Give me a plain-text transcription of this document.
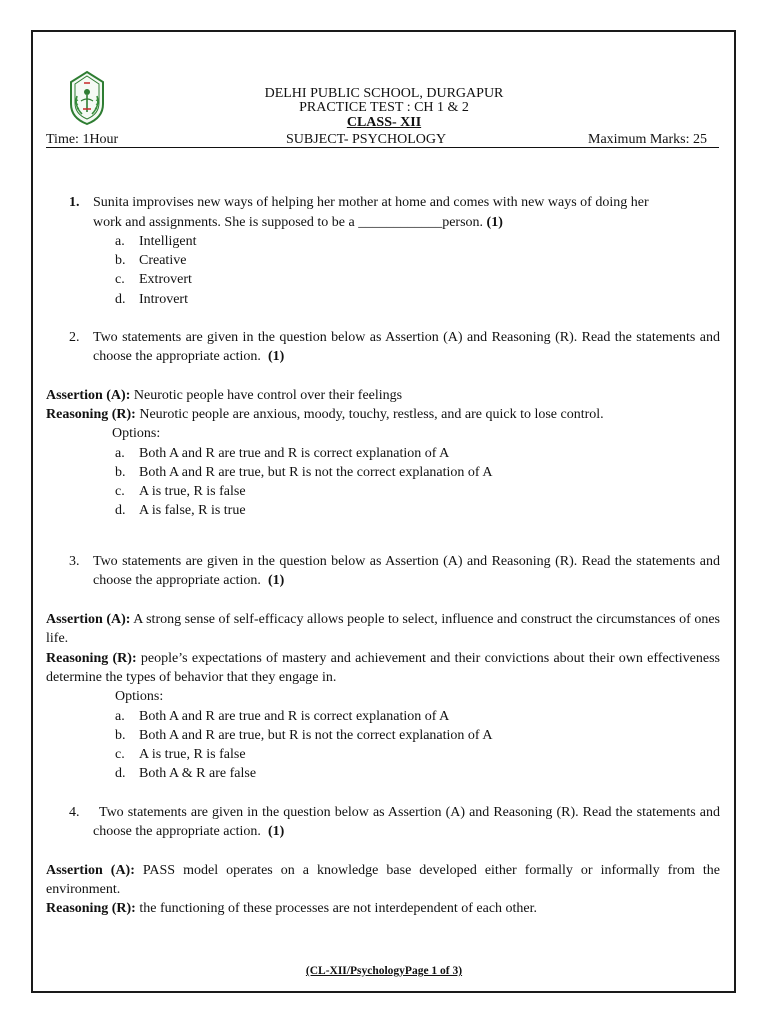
DELHI PUBLIC SCHOOL, DURGAPUR
PRACTICE TEST : CH 1 & 2
CLASS- XII
Time: 1Hour	SUBJECT- PSYCHOLOGY	Maximum Marks: 25
1. Sunita improvises new ways of helping her mother at home and comes with new ways of doing her
work and assignments. She is supposed to be a ____________person. (1)
a. Intelligent
b. Creative
c. Extrovert
d. Introvert
2. Two statements are given in the question below as Assertion (A) and Reasoning (R). Read the statements and choose the appropriate action. (1)
Assertion (A): Neurotic people have control over their feelings
Reasoning (R): Neurotic people are anxious, moody, touchy, restless, and are quick to lose control.
Options:
a. Both A and R are true and R is correct explanation of A
b. Both A and R are true, but R is not the correct explanation of A
c. A is true, R is false
d. A is false, R is true
3. Two statements are given in the question below as Assertion (A) and Reasoning (R). Read the statements and choose the appropriate action. (1)
Assertion (A): A strong sense of self-efficacy allows people to select, influence and construct the circumstances of ones life.
Reasoning (R): people’s expectations of mastery and achievement and their convictions about their own effectiveness determine the types of behavior that they engage in.
Options:
a. Both A and R are true and R is correct explanation of A
b. Both A and R are true, but R is not the correct explanation of A
c. A is true, R is false
d. Both A & R are false
4.	Two statements are given in the question below as Assertion (A) and Reasoning (R). Read the statements and choose the appropriate action. (1)
Assertion (A): PASS model operates on a knowledge base developed either formally or informally from the environment.
Reasoning (R): the functioning of these processes are not interdependent of each other.
(CL-XII/PsychologyPage 1 of 3)
